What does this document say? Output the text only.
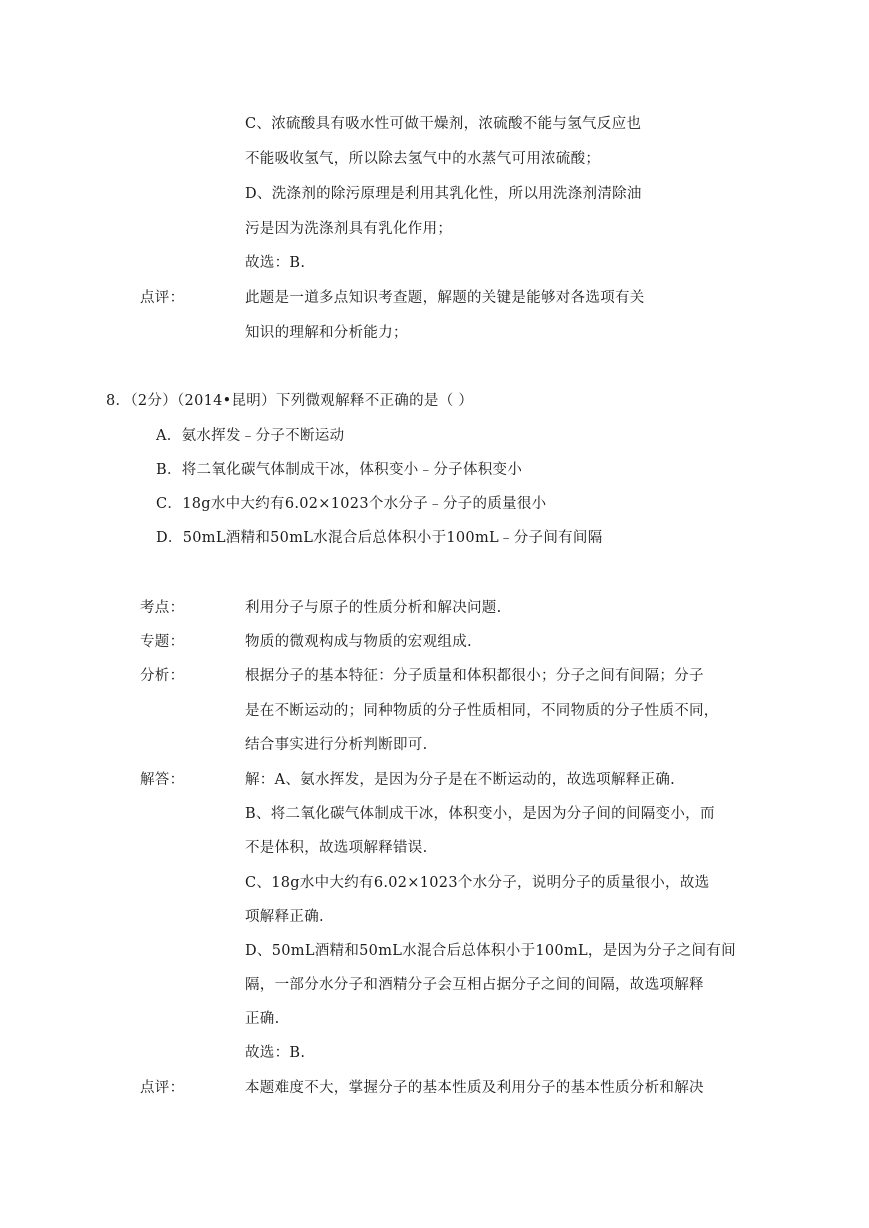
C、浓硫酸具有吸水性可做干燥剂，浓硫酸不能与氢气反应也
不能吸收氢气，所以除去氢气中的水蒸气可用浓硫酸；
D、洗涤剂的除污原理是利用其乳化性，所以用洗涤剂清除油
污是因为洗涤剂具有乳化作用；
故选：B.
点评：	此题是一道多点知识考查题，解题的关键是能够对各选项有关
知识的理解和分析能力；
8．（2分）（2014•昆明）下列微观解释不正确的是（ ）
A．氨水挥发﹣分子不断运动
B．将二氧化碳气体制成干冰，体积变小﹣分子体积变小
C．18g水中大约有6.02×1023个水分子﹣分子的质量很小
D．50mL酒精和50mL水混合后总体积小于100mL﹣分子间有间隔
考点：	利用分子与原子的性质分析和解决问题.
专题：	物质的微观构成与物质的宏观组成.
分析：	根据分子的基本特征：分子质量和体积都很小；分子之间有间隔；分子
是在不断运动的；同种物质的分子性质相同，不同物质的分子性质不同，
结合事实进行分析判断即可.
解答：	解：A、氨水挥发，是因为分子是在不断运动的，故选项解释正确.
B、将二氧化碳气体制成干冰，体积变小，是因为分子间的间隔变小，而
不是体积，故选项解释错误.
C、18g水中大约有6.02×1023个水分子，说明分子的质量很小，故选
项解释正确.
D、50mL酒精和50mL水混合后总体积小于100mL，是因为分子之间有间
隔，一部分水分子和酒精分子会互相占据分子之间的间隔，故选项解释
正确.
故选：B.
点评：	本题难度不大，掌握分子的基本性质及利用分子的基本性质分析和解决
